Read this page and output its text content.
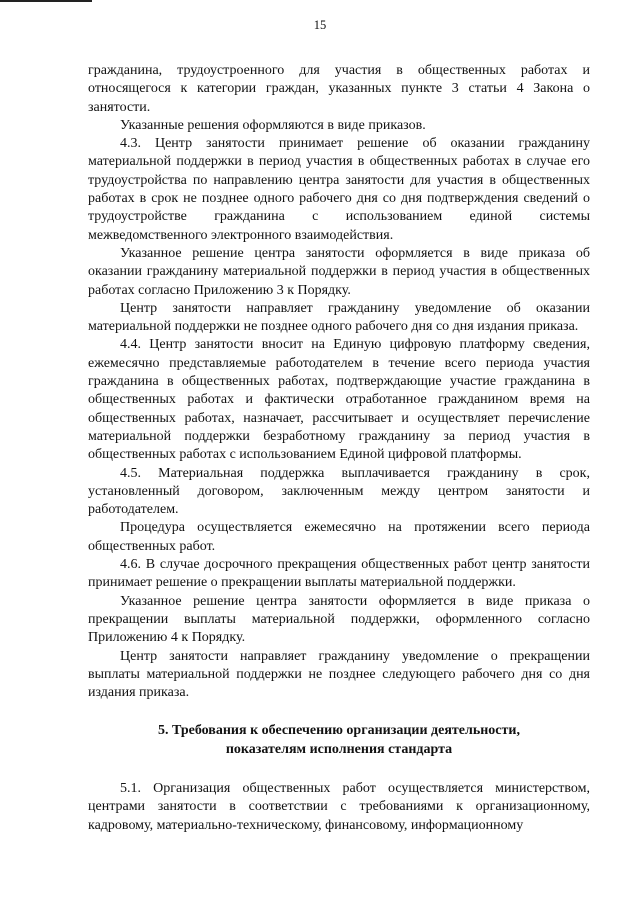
15

гражданина, трудоустроенного для участия в общественных работах и относящегося к категории граждан, указанных пункте 3 статьи 4 Закона о занятости.

Указанные решения оформляются в виде приказов.

4.3. Центр занятости принимает решение об оказании гражданину материальной поддержки в период участия в общественных работах в случае его трудоустройства по направлению центра занятости для участия в общественных работах в срок не позднее одного рабочего дня со дня подтверждения сведений о трудоустройстве гражданина с использованием единой системы межведомственного электронного взаимодействия.

Указанное решение центра занятости оформляется в виде приказа об оказании гражданину материальной поддержки в период участия в общественных работах согласно Приложению 3 к Порядку.

Центр занятости направляет гражданину уведомление об оказании материальной поддержки не позднее одного рабочего дня со дня издания приказа.

4.4. Центр занятости вносит на Единую цифровую платформу сведения, ежемесячно представляемые работодателем в течение всего периода участия гражданина в общественных работах, подтверждающие участие гражданина в общественных работах и фактически отработанное гражданином время на общественных работах, назначает, рассчитывает и осуществляет перечисление материальной поддержки безработному гражданину за период участия в общественных работах с использованием Единой цифровой платформы.

4.5. Материальная поддержка выплачивается гражданину в срок, установленный договором, заключенным между центром занятости и работодателем.

Процедура осуществляется ежемесячно на протяжении всего периода общественных работ.

4.6. В случае досрочного прекращения общественных работ центр занятости принимает решение о прекращении выплаты материальной поддержки.

Указанное решение центра занятости оформляется в виде приказа о прекращении выплаты материальной поддержки, оформленного согласно Приложению 4 к Порядку.

Центр занятости направляет гражданину уведомление о прекращении выплаты материальной поддержки не позднее следующего рабочего дня со дня издания приказа.

5. Требования к обеспечению организации деятельности,
показателям исполнения стандарта

5.1. Организация общественных работ осуществляется министерством, центрами занятости в соответствии с требованиями к организационному, кадровому, материально-техническому, финансовому, информационному
